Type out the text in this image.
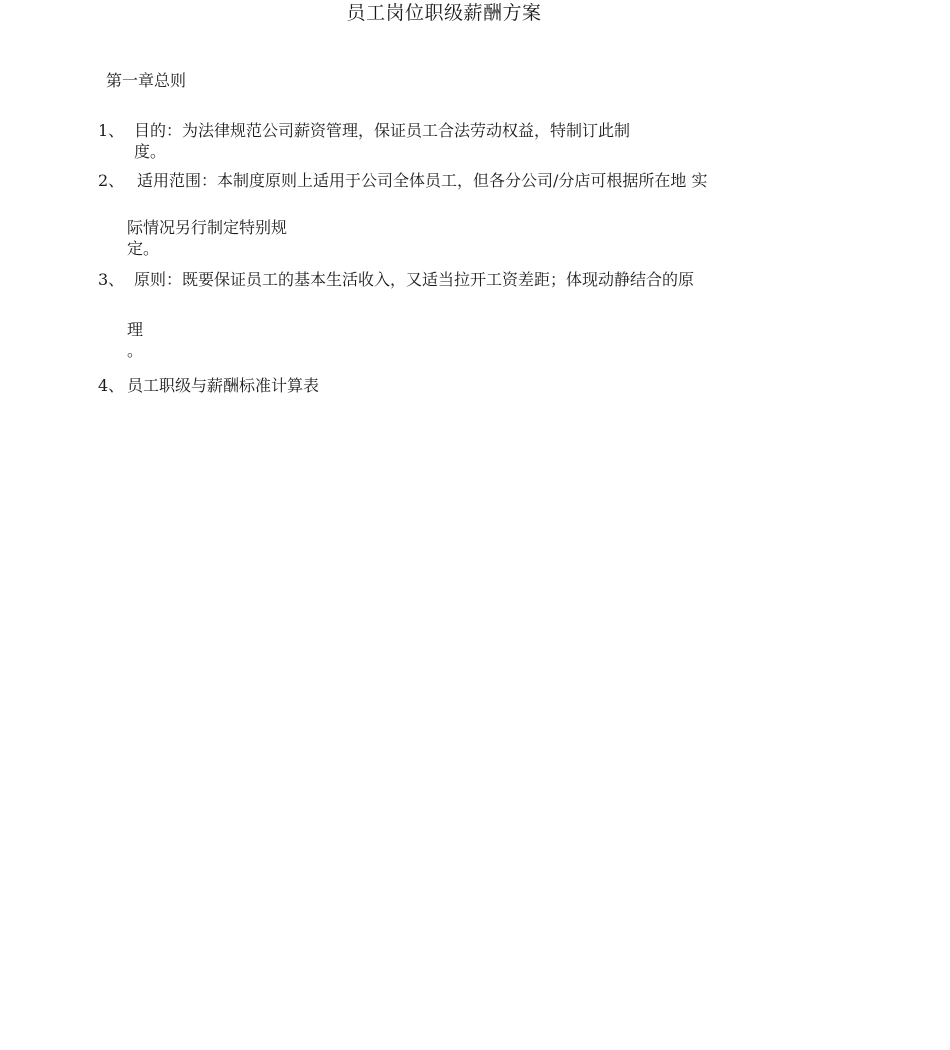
员工岗位职级薪酬方案
第一章总则
1、 目的：为法律规范公司薪资管理，保证员工合法劳动权益，特制订此制
度。
2、 适用范围：本制度原则上适用于公司全体员工，但各分公司/分店可根据所在地 实
际情况另行制定特别规
定。
3、 原则：既要保证员工的基本生活收入，又适当拉开工资差距；体现动静结合的原
理
。
4、 员工职级与薪酬标准计算表
